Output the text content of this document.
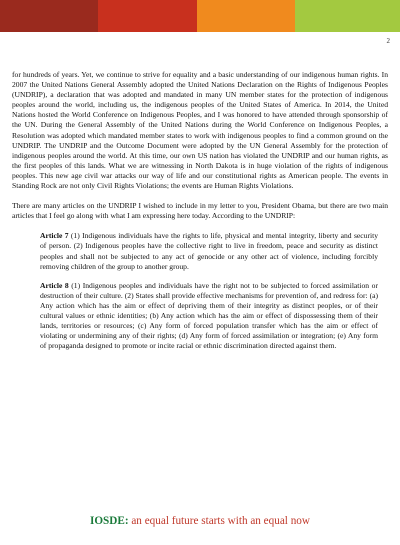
2

for hundreds of years. Yet, we continue to strive for equality and a basic understanding of our indigenous human rights. In 2007 the United Nations General Assembly adopted the United Nations Declaration on the Rights of Indigenous Peoples (UNDRIP), a declaration that was adopted and mandated in many UN member states for the protection of indigenous peoples around the world, including us, the indigenous peoples of the United States of America. In 2014, the United Nations hosted the World Conference on Indigenous Peoples, and I was honored to have attended through sponsorship of the UN. During the General Assembly of the United Nations during the World Conference on Indigenous Peoples, a Resolution was adopted which mandated member states to work with indigenous peoples to find a common ground on the UNDRIP. The UNDRIP and the Outcome Document were adopted by the UN General Assembly for the protection of indigenous peoples around the world. At this time, our own US nation has violated the UNDRIP and our human rights, as the first peoples of this lands. What we are witnessing in North Dakota is in huge violation of the rights of indigenous peoples. This new age civil war attacks our way of life and our constitutional rights as American people. The events in Standing Rock are not only Civil Rights Violations; the events are Human Rights Violations.

There are many articles on the UNDRIP I wished to include in my letter to you, President Obama, but there are two main articles that I feel go along with what I am expressing here today. According to the UNDRIP:

Article 7 (1) Indigenous individuals have the rights to life, physical and mental integrity, liberty and security of person. (2) Indigenous peoples have the collective right to live in freedom, peace and security as distinct peoples and shall not be subjected to any act of genocide or any other act of violence, including forcibly removing children of the group to another group.

Article 8 (1) Indigenous peoples and individuals have the right not to be subjected to forced assimilation or destruction of their culture. (2) States shall provide effective mechanisms for prevention of, and redress for: (a) Any action which has the aim or effect of depriving them of their integrity as distinct peoples, or of their cultural values or ethnic identities; (b) Any action which has the aim or effect of dispossessing them of their lands, territories or resources; (c) Any form of forced population transfer which has the aim or effect of violating or undermining any of their rights; (d) Any form of forced assimilation or integration; (e) Any form of propaganda designed to promote or incite racial or ethnic discrimination directed against them.

IOSDE: an equal future starts with an equal now
